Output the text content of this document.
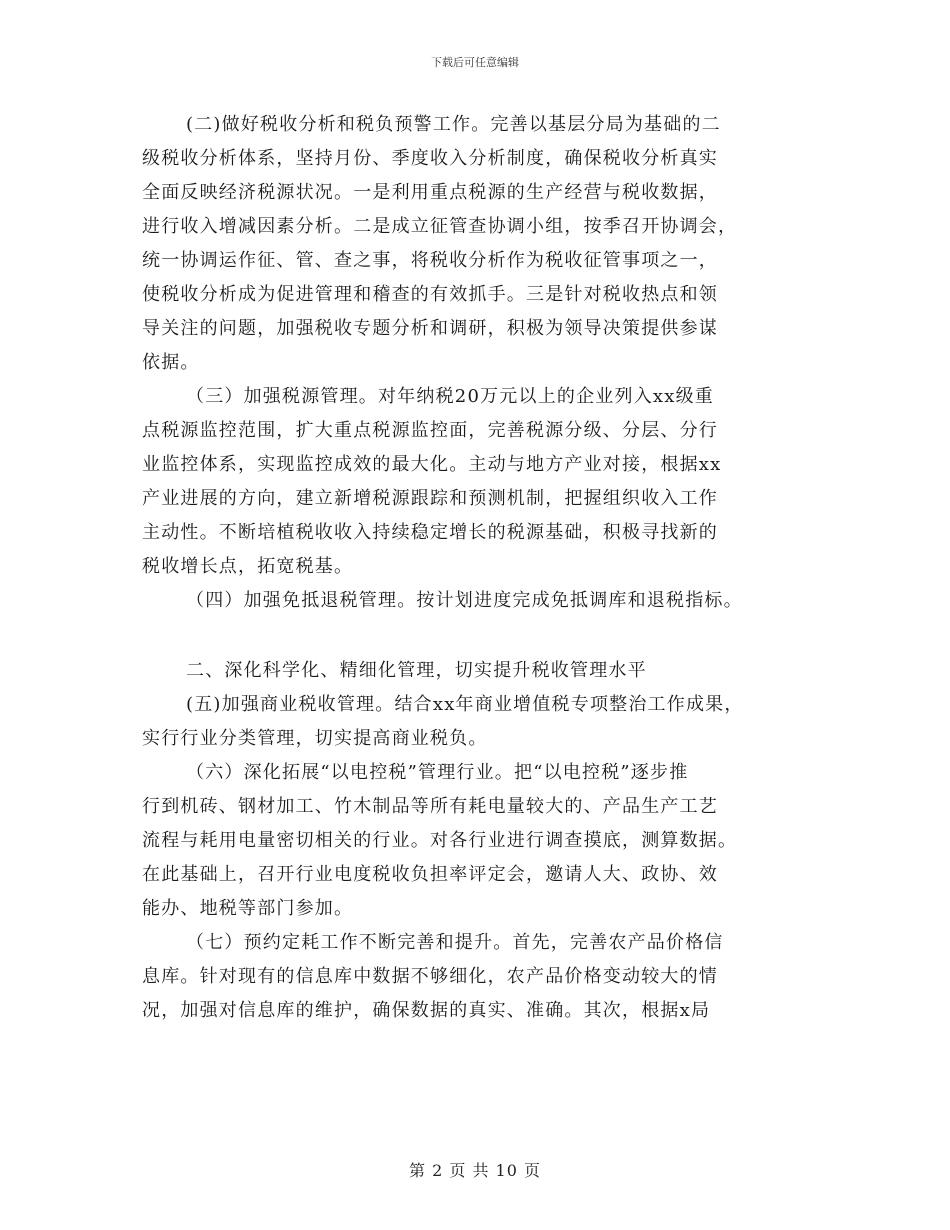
下载后可任意编辑
(二)做好税收分析和税负预警工作。完善以基层分局为基础的二
级税收分析体系，坚持月份、季度收入分析制度，确保税收分析真实
全面反映经济税源状况。一是利用重点税源的生产经营与税收数据，
进行收入增减因素分析。二是成立征管查协调小组，按季召开协调会，
统一协调运作征、管、查之事，将税收分析作为税收征管事项之一，
使税收分析成为促进管理和稽查的有效抓手。三是针对税收热点和领
导关注的问题，加强税收专题分析和调研，积极为领导决策提供参谋
依据。
（三）加强税源管理。对年纳税20万元以上的企业列入xx级重
点税源监控范围，扩大重点税源监控面，完善税源分级、分层、分行
业监控体系，实现监控成效的最大化。主动与地方产业对接，根据xx
产业进展的方向，建立新增税源跟踪和预测机制，把握组织收入工作
主动性。不断培植税收收入持续稳定增长的税源基础，积极寻找新的
税收增长点，拓宽税基。
（四）加强免抵退税管理。按计划进度完成免抵调库和退税指标。
二、深化科学化、精细化管理，切实提升税收管理水平
(五)加强商业税收管理。结合xx年商业增值税专项整治工作成果，
实行行业分类管理，切实提高商业税负。
（六）深化拓展“以电控税”管理行业。把“以电控税”逐步推
行到机砖、钢材加工、竹木制品等所有耗电量较大的、产品生产工艺
流程与耗用电量密切相关的行业。对各行业进行调查摸底，测算数据。
在此基础上，召开行业电度税收负担率评定会，邀请人大、政协、效
能办、地税等部门参加。
（七）预约定耗工作不断完善和提升。首先，完善农产品价格信
息库。针对现有的信息库中数据不够细化，农产品价格变动较大的情
况，加强对信息库的维护，确保数据的真实、准确。其次，根据x局
第 2 页 共 10 页
